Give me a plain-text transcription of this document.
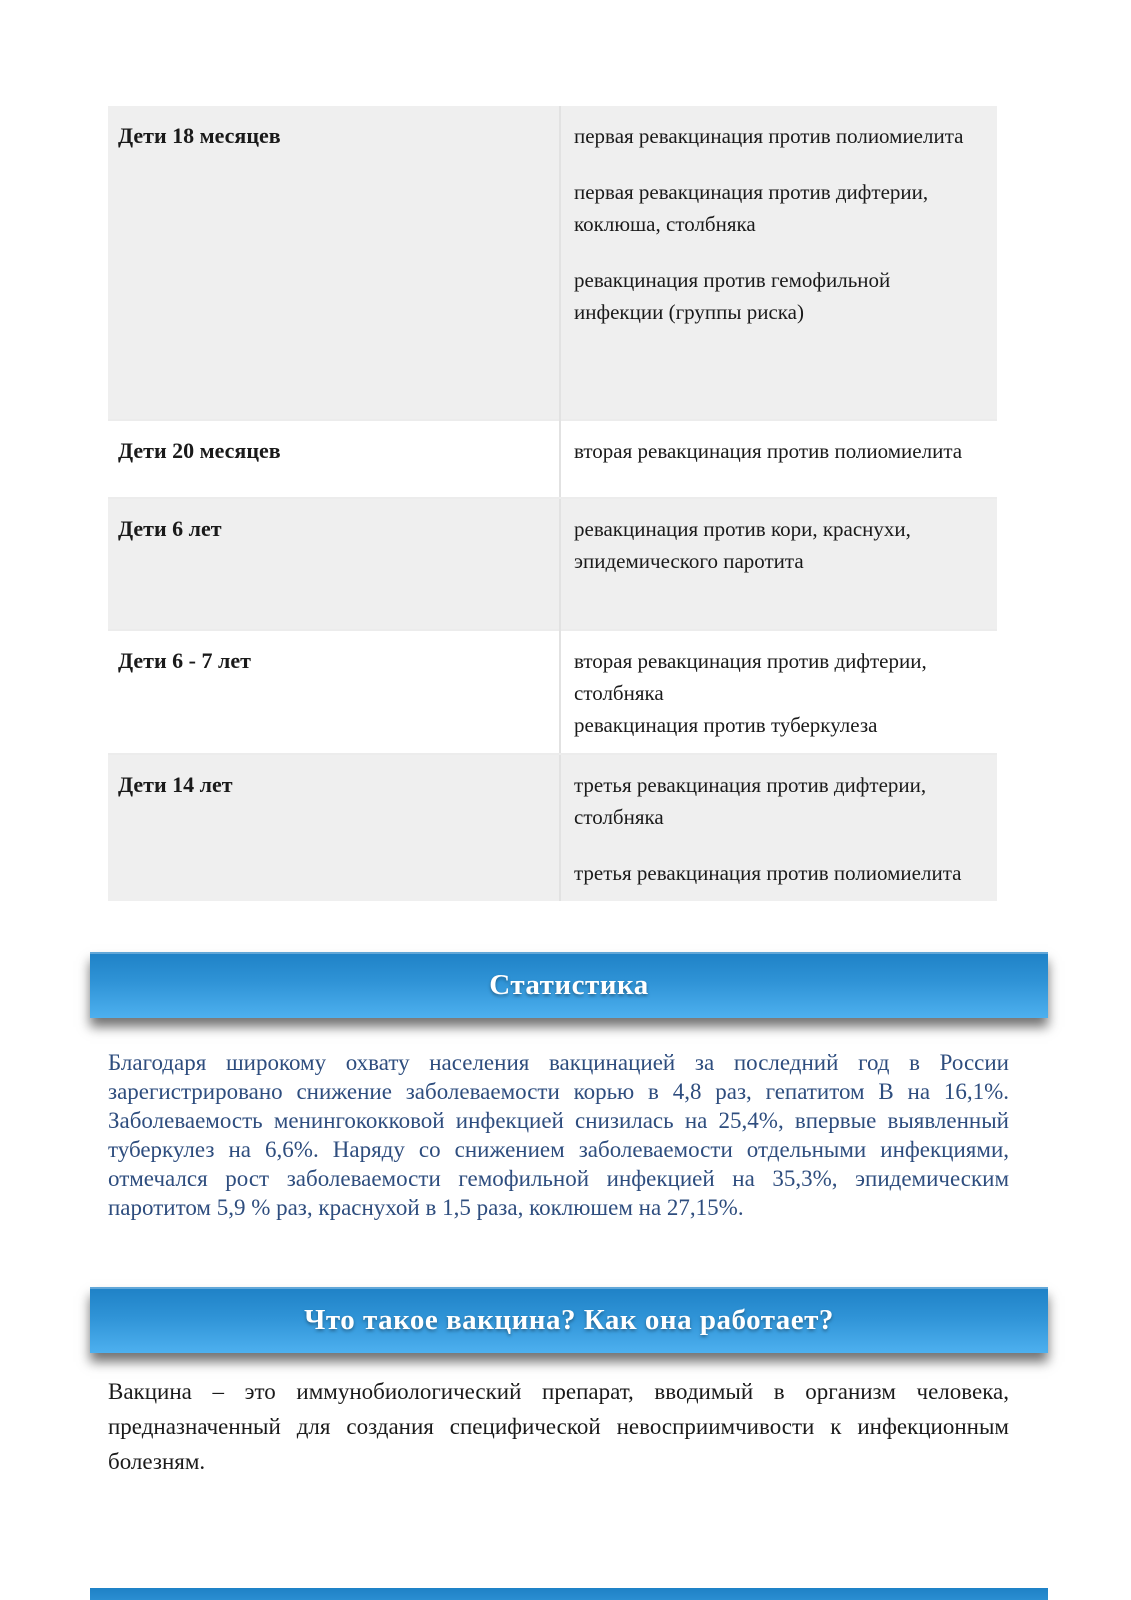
Дети 18 месяцев	первая ревакцинация против полиомиелита

первая ревакцинация против дифтерии, коклюша, столбняка

ревакцинация против гемофильной инфекции (группы риска)

Дети 20 месяцев	вторая ревакцинация против полиомиелита

Дети 6 лет	ревакцинация против кори, краснухи, эпидемического паротита

Дети 6 - 7 лет	вторая ревакцинация против дифтерии, столбняка

ревакцинация против туберкулеза

Дети 14 лет	третья ревакцинация против дифтерии, столбняка

третья ревакцинация против полиомиелита

Статистика

Благодаря широкому охвату населения вакцинацией за последний год в России зарегистрировано снижение заболеваемости корью в 4,8 раз, гепатитом В на 16,1%. Заболеваемость менингококковой инфекцией снизилась на 25,4%, впервые выявленный туберкулез на 6,6%. Наряду со снижением заболеваемости отдельными инфекциями, отмечался рост заболеваемости гемофильной инфекцией на 35,3%, эпидемическим паротитом 5,9 % раз, краснухой в 1,5 раза, коклюшем на 27,15%.

Что такое вакцина? Как она работает?

Вакцина – это иммунобиологический препарат, вводимый в организм человека, предназначенный для создания специфической невосприимчивости к инфекционным болезням.
